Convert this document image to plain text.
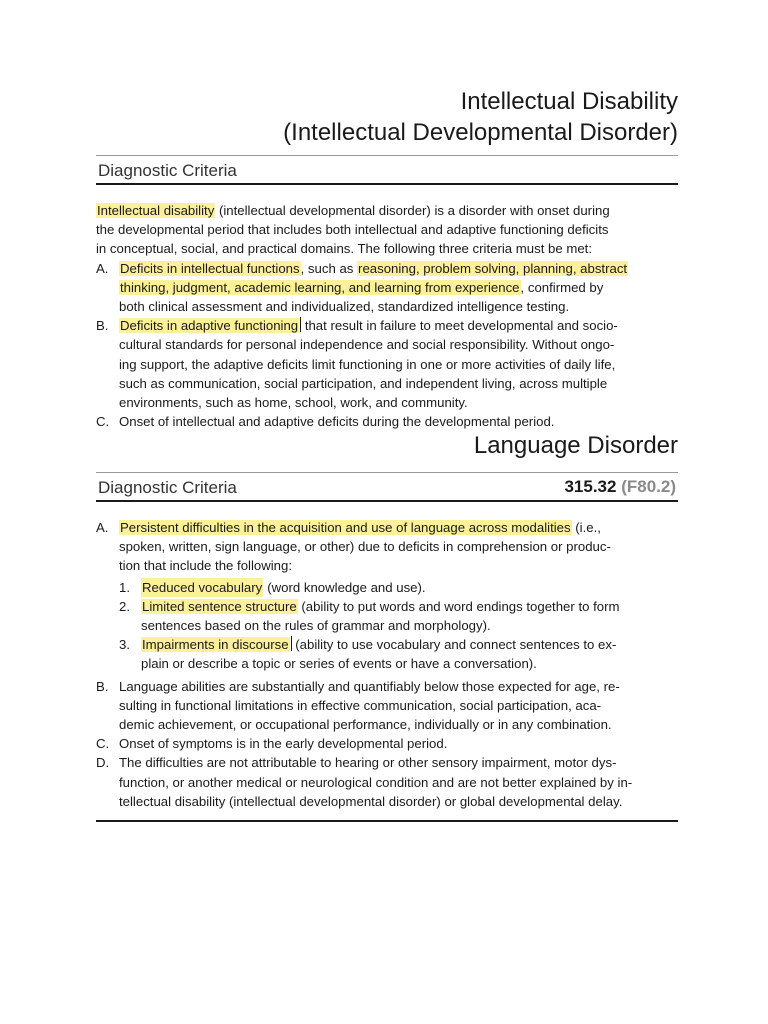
Intellectual Disability
(Intellectual Developmental Disorder)
Diagnostic Criteria
Intellectual disability (intellectual developmental disorder) is a disorder with onset during
the developmental period that includes both intellectual and adaptive functioning deficits
in conceptual, social, and practical domains. The following three criteria must be met:
A. Deficits in intellectual functions, such as reasoning, problem solving, planning, abstract
thinking, judgment, academic learning, and learning from experience, confirmed by
both clinical assessment and individualized, standardized intelligence testing.
B. Deficits in adaptive functioning that result in failure to meet developmental and socio-
cultural standards for personal independence and social responsibility. Without ongo-
ing support, the adaptive deficits limit functioning in one or more activities of daily life,
such as communication, social participation, and independent living, across multiple
environments, such as home, school, work, and community.
C. Onset of intellectual and adaptive deficits during the developmental period.
Language Disorder
Diagnostic Criteria	315.32 (F80.2)
A. Persistent difficulties in the acquisition and use of language across modalities (i.e.,
spoken, written, sign language, or other) due to deficits in comprehension or produc-
tion that include the following:
1. Reduced vocabulary (word knowledge and use).
2. Limited sentence structure (ability to put words and word endings together to form
sentences based on the rules of grammar and morphology).
3. Impairments in discourse (ability to use vocabulary and connect sentences to ex-
plain or describe a topic or series of events or have a conversation).
B. Language abilities are substantially and quantifiably below those expected for age, re-
sulting in functional limitations in effective communication, social participation, aca-
demic achievement, or occupational performance, individually or in any combination.
C. Onset of symptoms is in the early developmental period.
D. The difficulties are not attributable to hearing or other sensory impairment, motor dys-
function, or another medical or neurological condition and are not better explained by in-
tellectual disability (intellectual developmental disorder) or global developmental delay.
